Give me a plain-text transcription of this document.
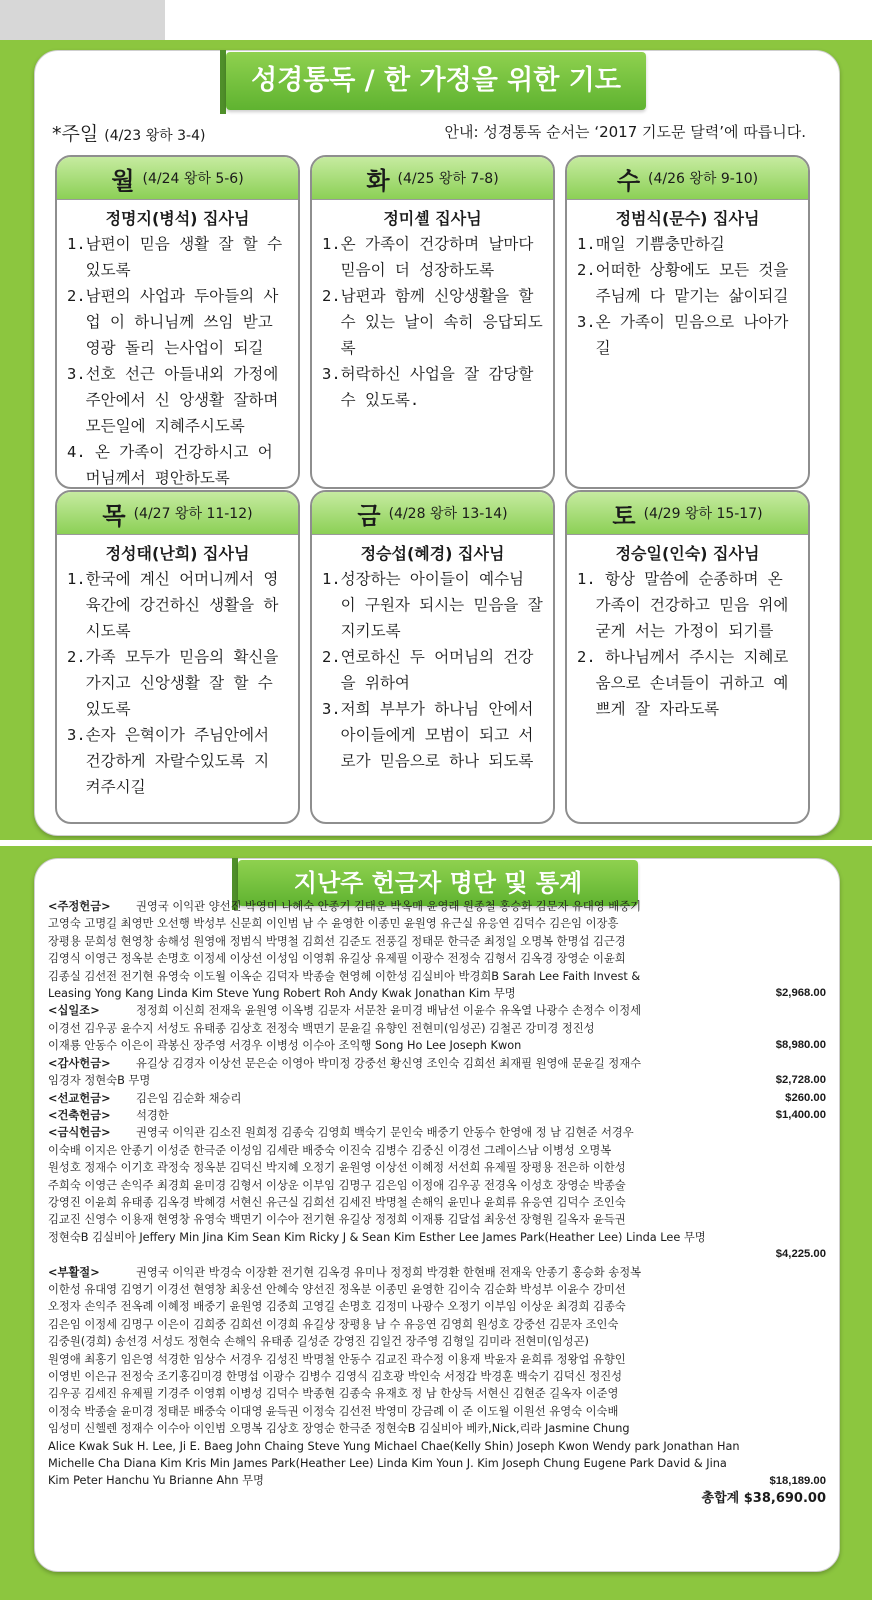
성경통독 / 한 가정을 위한 기도
*주일 (4/23 왕하 3-4)	안내: 성경통독 순서는 ‘2017 기도문 달력’에 따릅니다.
월 (4/24 왕하 5-6)
정명지(병석) 집사님
1.남편이 믿음 생활 잘 할 수
있도록
2.남편의 사업과 두아들의 사
업 이 하니님께 쓰임 받고
영광 돌리 는사업이 되길
3.선호 선근 아들내외 가정에
주안에서 신 앙생활 잘하며
모든일에 지혜주시도록
4. 온 가족이 건강하시고 어
머님께서 평안하도록
화 (4/25 왕하 7-8)
정미셸 집사님
1.온 가족이 건강하며 날마다
믿음이 더 성장하도록
2.남편과 함께 신앙생활을 할
수 있는 날이 속히 응답되도
록
3.허락하신 사업을 잘 감당할
수 있도록.
수 (4/26 왕하 9-10)
정범식(문수) 집사님
1.매일 기쁨충만하길
2.어떠한 상황에도 모든 것을
주님께 다 맡기는 삶이되길
3.온 가족이 믿음으로 나아가
길
목 (4/27 왕하 11-12)
정성태(난희) 집사님
1.한국에 계신 어머니께서 영
육간에 강건하신 생활을 하
시도록
2.가족 모두가 믿음의 확신을
가지고 신앙생활 잘 할 수
있도록
3.손자 은혁이가 주님안에서
건강하게 자랄수있도록 지
켜주시길
금 (4/28 왕하 13-14)
정승섭(혜경) 집사님
1.성장하는 아이들이 예수님
이 구원자 되시는 믿음을 잘
지키도록
2.연로하신 두 어머님의 건강
을 위하여
3.저희 부부가 하나님 안에서
아이들에게 모범이 되고 서
로가 믿음으로 하나 되도록
토 (4/29 왕하 15-17)
정승일(인숙) 집사님
1. 항상 말씀에 순종하며 온
가족이 건강하고 믿음 위에
굳게 서는 가정이 되기를
2. 하나님께서 주시는 지혜로
움으로 손녀들이 귀하고 예
쁘게 잘 자라도록
지난주 헌금자 명단 및 통계
<주정헌금> 권영국 이익관 양선진 박영미 나혜숙 안종기 김태운 박옥매 윤영래 원종철 홍승화 김문자 유대영 배중기
고영숙 고명길 최영만 오선행 박성부 신문희 이인범 남 수 윤영한 이종민 윤원영 유근실 유응연 김덕수 김은임 이장흥
장평용 문희성 현영창 송해성 원영애 정범식 박명철 김희선 김준도 전풍길 정태문 한극준 최정일 오명복 한명섭 김근경
김영식 이영근 정옥분 손명호 이정세 이상선 이성임 이영휘 유길상 유제필 이광수 전정숙 김형서 김옥경 장영순 이윤희
김종실 김선전 전기현 유영숙 이도월 이옥순 김덕자 박종술 현영헤 이한성 김실비아 박경희B Sarah Lee Faith Invest &
Leasing Yong Kang Linda Kim Steve Yung Robert Roh Andy Kwak Jonathan Kim 무명	$2,968.00
<십일조>	정정희 이신희 전재욱 윤원영 이옥병 김문자 서문찬 윤미경 배남선 이윤수 유옥열 나광수 손정수 이정세
이경선 김우공 윤수지 서성도 유태종 김상호 전정숙 백면기 문윤길 유향인 전현미(임성곤) 김철곤 강미경 정진성
이재룡 안동수 이은이 곽봉신 장주영 서경우 이병성 이수아 조익행 Song Ho Lee Joseph Kwon	$8,980.00
<감사헌금> 유길상 김경자 이상선 문은순 이영아 박미정 강중선 황신영 조인숙 김희선 최재필 원영애 문윤길 정재수
임경자 정현숙B 무명	$2,728.00
<선교헌금> 김은임 김순화 채승리	$260.00
<건축헌금> 석경한	$1,400.00
<금식헌금> 권영국 이익관 김소진 원희정 김종숙 김영희 백숙기 문인숙 배중기 안동수 한영애 정 남 김현준 서경우
이숙배 이지은 안종기 이성준 한극준 이성임 김세란 배중숙 이진숙 김병수 김중신 이경선 그레이스남 이병성 오명복
원성호 정재수 이기호 곽정숙 정옥분 김덕신 박지혜 오정기 윤원영 이상선 이혜정 서선희 유제필 장평용 전은하 이한성
주희숙 이영근 손익주 최경희 윤미경 김형서 이상운 이부임 김명구 김은임 이정애 김우공 전경옥 이성호 장영순 박종술
강영진 이윤희 유태종 김옥경 박혜경 서현신 유근실 김희선 김세진 박명철 손해익 윤민나 윤희류 유응연 김덕수 조인숙
김교진 신영수 이용재 현영창 유영숙 백면기 이수아 전기현 유길상 정정희 이재룡 김달섭 최웅선 장형원 길옥자 윤득권
정현숙B 김실비아 Jeffery Min Jina Kim Sean Kim Ricky J & Sean Kim Esther Lee James Park(Heather Lee) Linda Lee 무명
$4,225.00
<부활절>	권영국 이익관 박경숙 이장환 전기현 김옥경 유미나 정정희 박경환 한현배 전재욱 안종기 홍승화 송정복
이한성 유대영 김영기 이경선 현영창 최웅선 안혜숙 양선진 정옥분 이종민 윤영한 김이숙 김순화 박성부 이윤수 강미선
오정자 손익주 전옥례 이혜정 배중기 윤원영 김중희 고영길 손명호 김정미 나광수 오정기 이부임 이상운 최경희 김종숙
김은임 이정세 김명구 이은이 김희중 김희선 이경희 유길상 장평용 남 수 유응연 김영희 원성호 강중선 김문자 조인숙
김중원(경희) 송선경 서성도 정현숙 손해익 유태종 길성준 강영진 김일건 장주영 김형일 김미라 전현미(임성곤)
원영애 최홍기 임은영 석경한 임상수 서경우 김성진 박명철 안동수 김교진 곽수정 이용재 박윤자 윤희류 정왕업 유향인
이영빈 이은규 전정숙 조기홍김미경 한명섭 이광수 김병수 김영식 김호광 박인숙 서정갑 박경훈 백숙기 김덕신 정진성
김우공 김세진 유제필 기경주 이영휘 이병성 김덕수 박종현 김종숙 유재호 정 남 한상득 서현신 김현준 길옥자 이준영
이정숙 박종술 윤미경 정태문 배중숙 이대영 윤득권 이정숙 김선전 박영미 강금례 이 준 이도월 이원선 유영숙 이숙배
임성미 신헬렌 정재수 이수아 이인범 오명복 김상호 장영순 한극준 정현숙B 김실비아 베카,Nick,리라 Jasmine Chung
Alice Kwak Suk H. Lee, Ji E. Baeg John Chaing Steve Yung Michael Chae(Kelly Shin) Joseph Kwon Wendy park Jonathan Han
Michelle Cha Diana Kim Kris Min James Park(Heather Lee) Linda Kim Youn J. Kim Joseph Chung Eugene Park David & Jina
Kim Peter Hanchu Yu Brianne Ahn 무명	$18,189.00
총합계 $38,690.00
